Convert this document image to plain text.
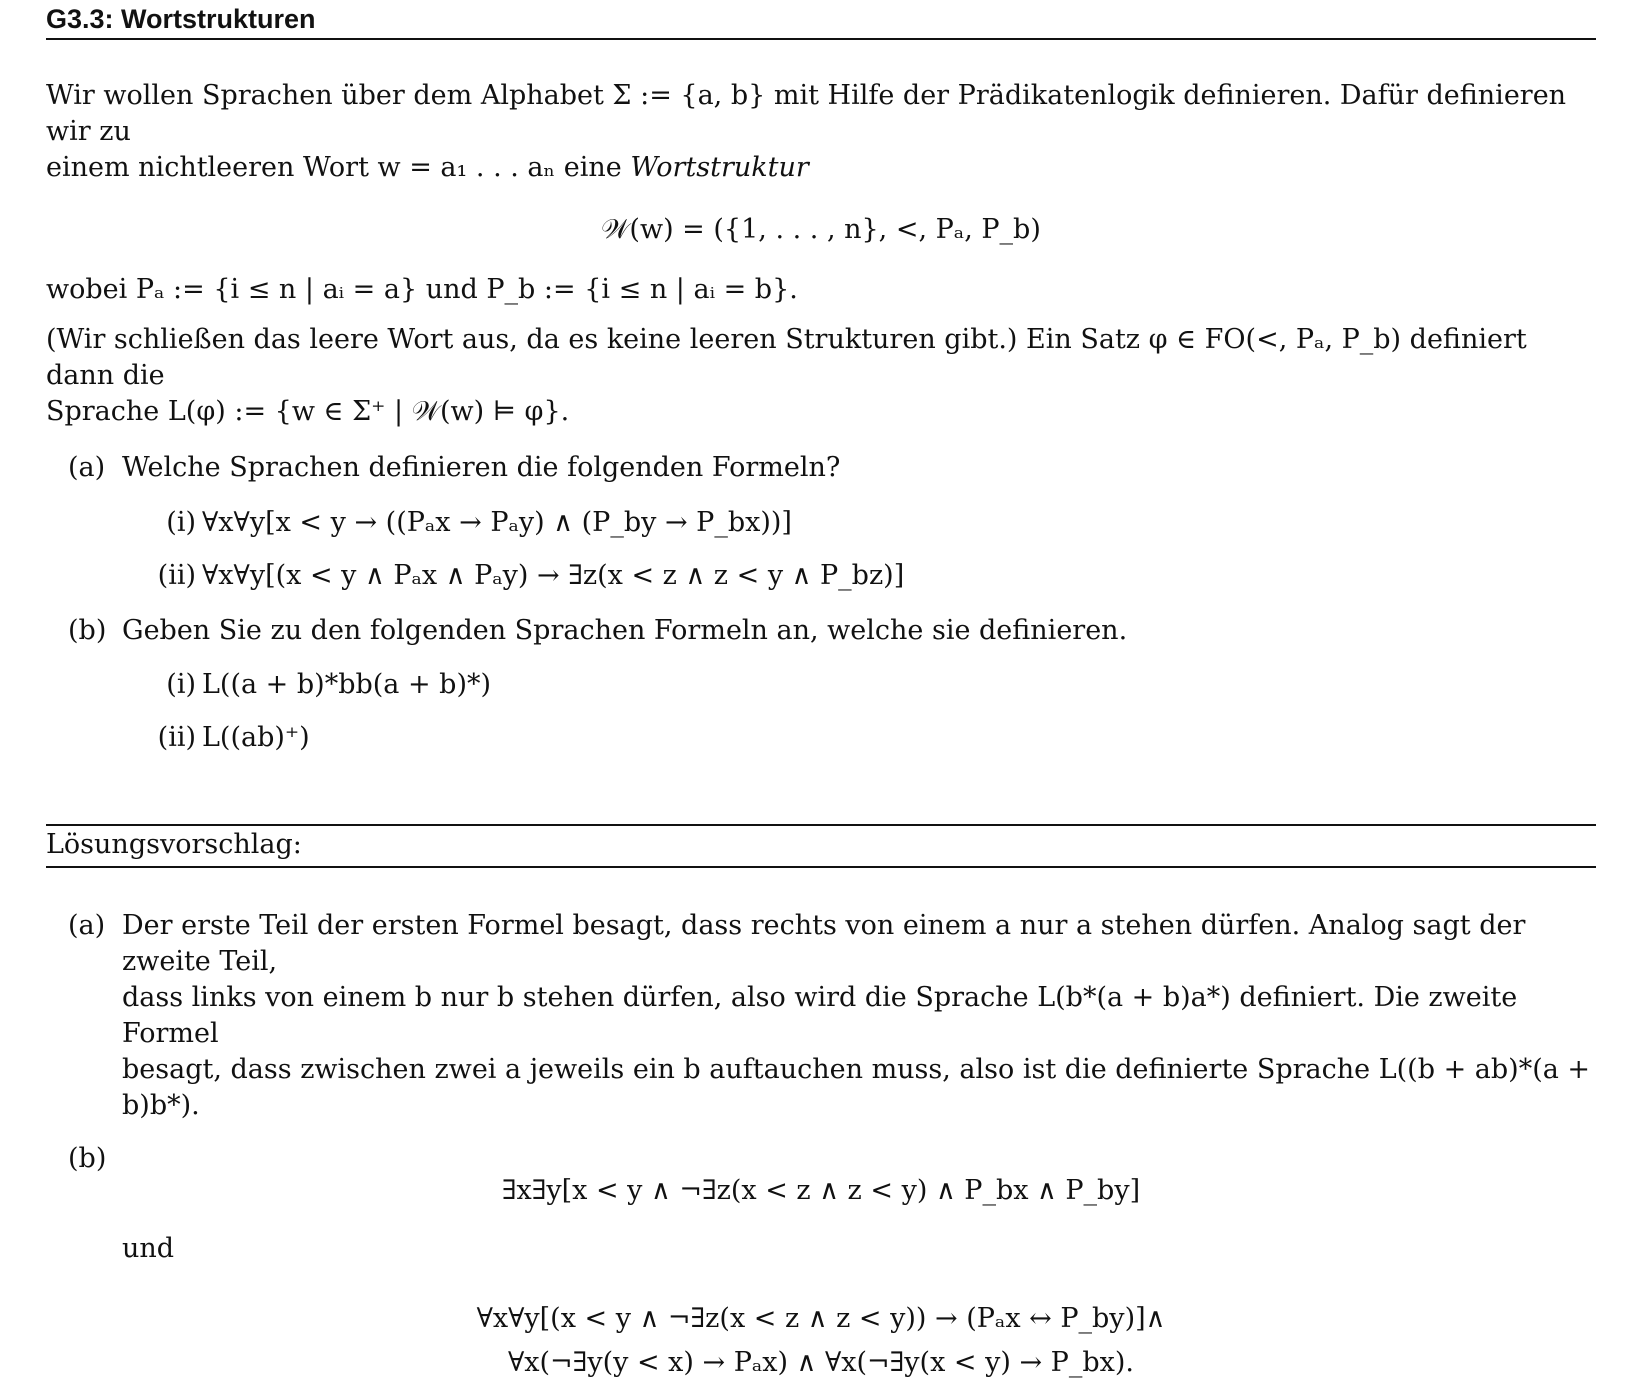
G3.3: Wortstrukturen
Wir wollen Sprachen über dem Alphabet Σ := {a, b} mit Hilfe der Prädikatenlogik definieren. Dafür definieren wir zu
einem nichtleeren Wort w = a₁ . . . aₙ eine Wortstruktur
𝒲(w) = ({1, . . . , n}, <, Pₐ, P_b)
wobei Pₐ := {i ≤ n | aᵢ = a} und P_b := {i ≤ n | aᵢ = b}.
(Wir schließen das leere Wort aus, da es keine leeren Strukturen gibt.) Ein Satz φ ∈ FO(<, Pₐ, P_b) definiert dann die
Sprache L(φ) := {w ∈ Σ⁺ | 𝒲(w) ⊨ φ}.
(a) Welche Sprachen definieren die folgenden Formeln?
(i) ∀x∀y[x < y → ((Pₐx → Pₐy) ∧ (P_by → P_bx))]
(ii) ∀x∀y[(x < y ∧ Pₐx ∧ Pₐy) → ∃z(x < z ∧ z < y ∧ P_bz)]
(b) Geben Sie zu den folgenden Sprachen Formeln an, welche sie definieren.
(i) L((a + b)*bb(a + b)*)
(ii) L((ab)⁺)
Lösungsvorschlag:
(a) Der erste Teil der ersten Formel besagt, dass rechts von einem a nur a stehen dürfen. Analog sagt der zweite Teil,
dass links von einem b nur b stehen dürfen, also wird die Sprache L(b*(a + b)a*) definiert. Die zweite Formel
besagt, dass zwischen zwei a jeweils ein b auftauchen muss, also ist die definierte Sprache L((b + ab)*(a + b)b*).
(b)
∃x∃y[x < y ∧ ¬∃z(x < z ∧ z < y) ∧ P_bx ∧ P_by]
und
∀x∀y[(x < y ∧ ¬∃z(x < z ∧ z < y)) → (Pₐx ↔ P_by)]∧
∀x(¬∃y(y < x) → Pₐx) ∧ ∀x(¬∃y(x < y) → P_bx).
